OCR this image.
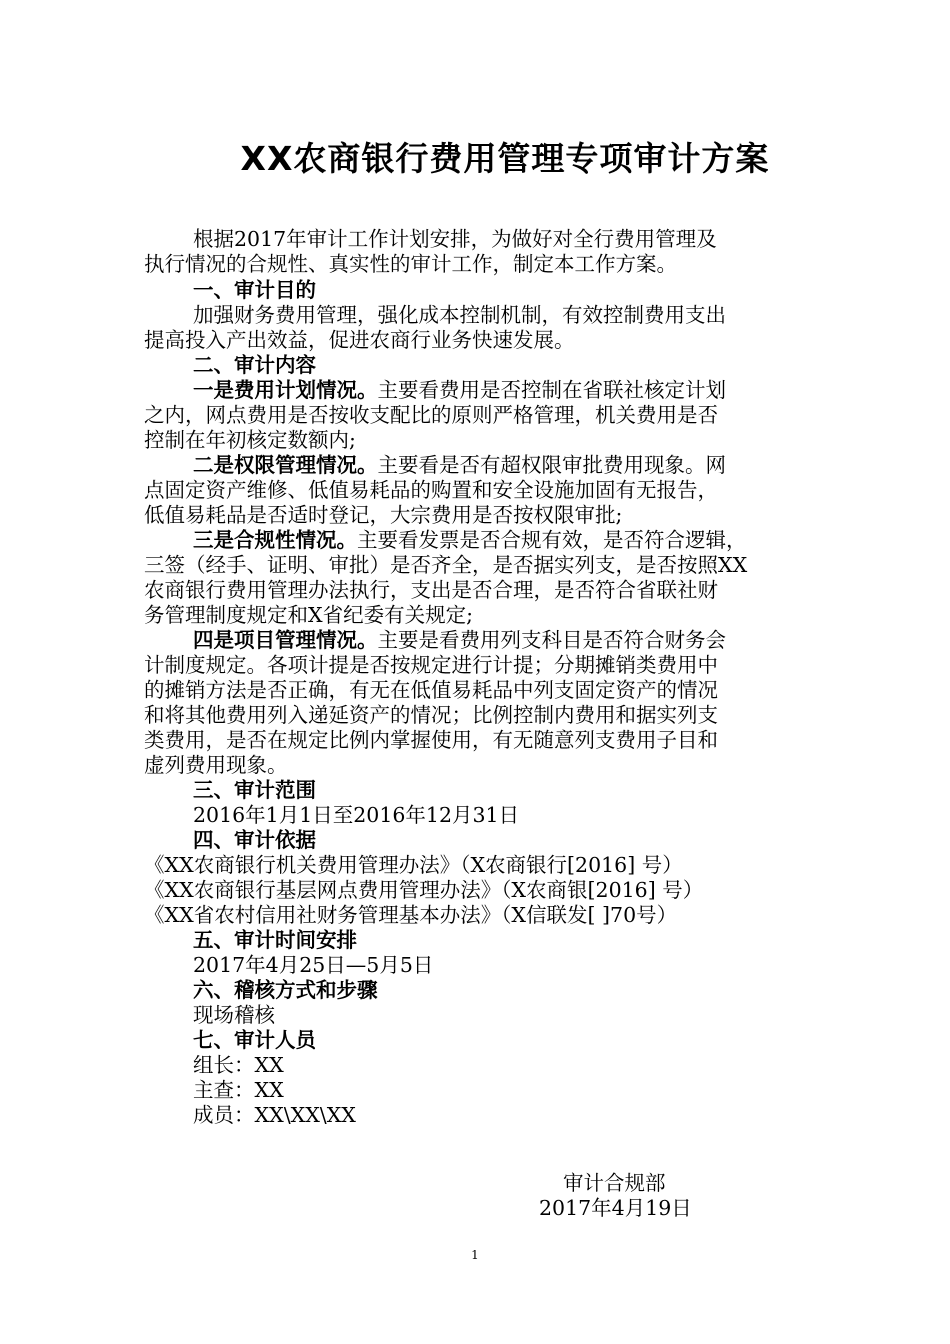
XX农商银行费用管理专项审计方案
根据2017年审计工作计划安排，为做好对全行费用管理及
执行情况的合规性、真实性的审计工作，制定本工作方案。
一、审计目的
加强财务费用管理，强化成本控制机制，有效控制费用支出
提高投入产出效益，促进农商行业务快速发展。
二、审计内容
一是费用计划情况。主要看费用是否控制在省联社核定计划
之内，网点费用是否按收支配比的原则严格管理，机关费用是否
控制在年初核定数额内;
二是权限管理情况。主要看是否有超权限审批费用现象。网
点固定资产维修、低值易耗品的购置和安全设施加固有无报告，
低值易耗品是否适时登记，大宗费用是否按权限审批;
三是合规性情况。主要看发票是否合规有效，是否符合逻辑，
三签（经手、证明、审批）是否齐全，是否据实列支，是否按照XX
农商银行费用管理办法执行，支出是否合理，是否符合省联社财
务管理制度规定和X省纪委有关规定;
四是项目管理情况。主要是看费用列支科目是否符合财务会
计制度规定。各项计提是否按规定进行计提；分期摊销类费用中
的摊销方法是否正确，有无在低值易耗品中列支固定资产的情况
和将其他费用列入递延资产的情况；比例控制内费用和据实列支
类费用，是否在规定比例内掌握使用，有无随意列支费用子目和
虚列费用现象。
三、审计范围
2016年1月1日至2016年12月31日
四、审计依据
《XX农商银行机关费用管理办法》（X农商银行[2016] 号）
《XX农商银行基层网点费用管理办法》（X农商银[2016] 号）
《XX省农村信用社财务管理基本办法》（X信联发[ ]70号）
五、审计时间安排
2017年4月25日—5月5日
六、稽核方式和步骤
现场稽核
七、审计人员
组长：XX
主查：XX
成员：XX\XX\XX
审计合规部
2017年4月19日
1
